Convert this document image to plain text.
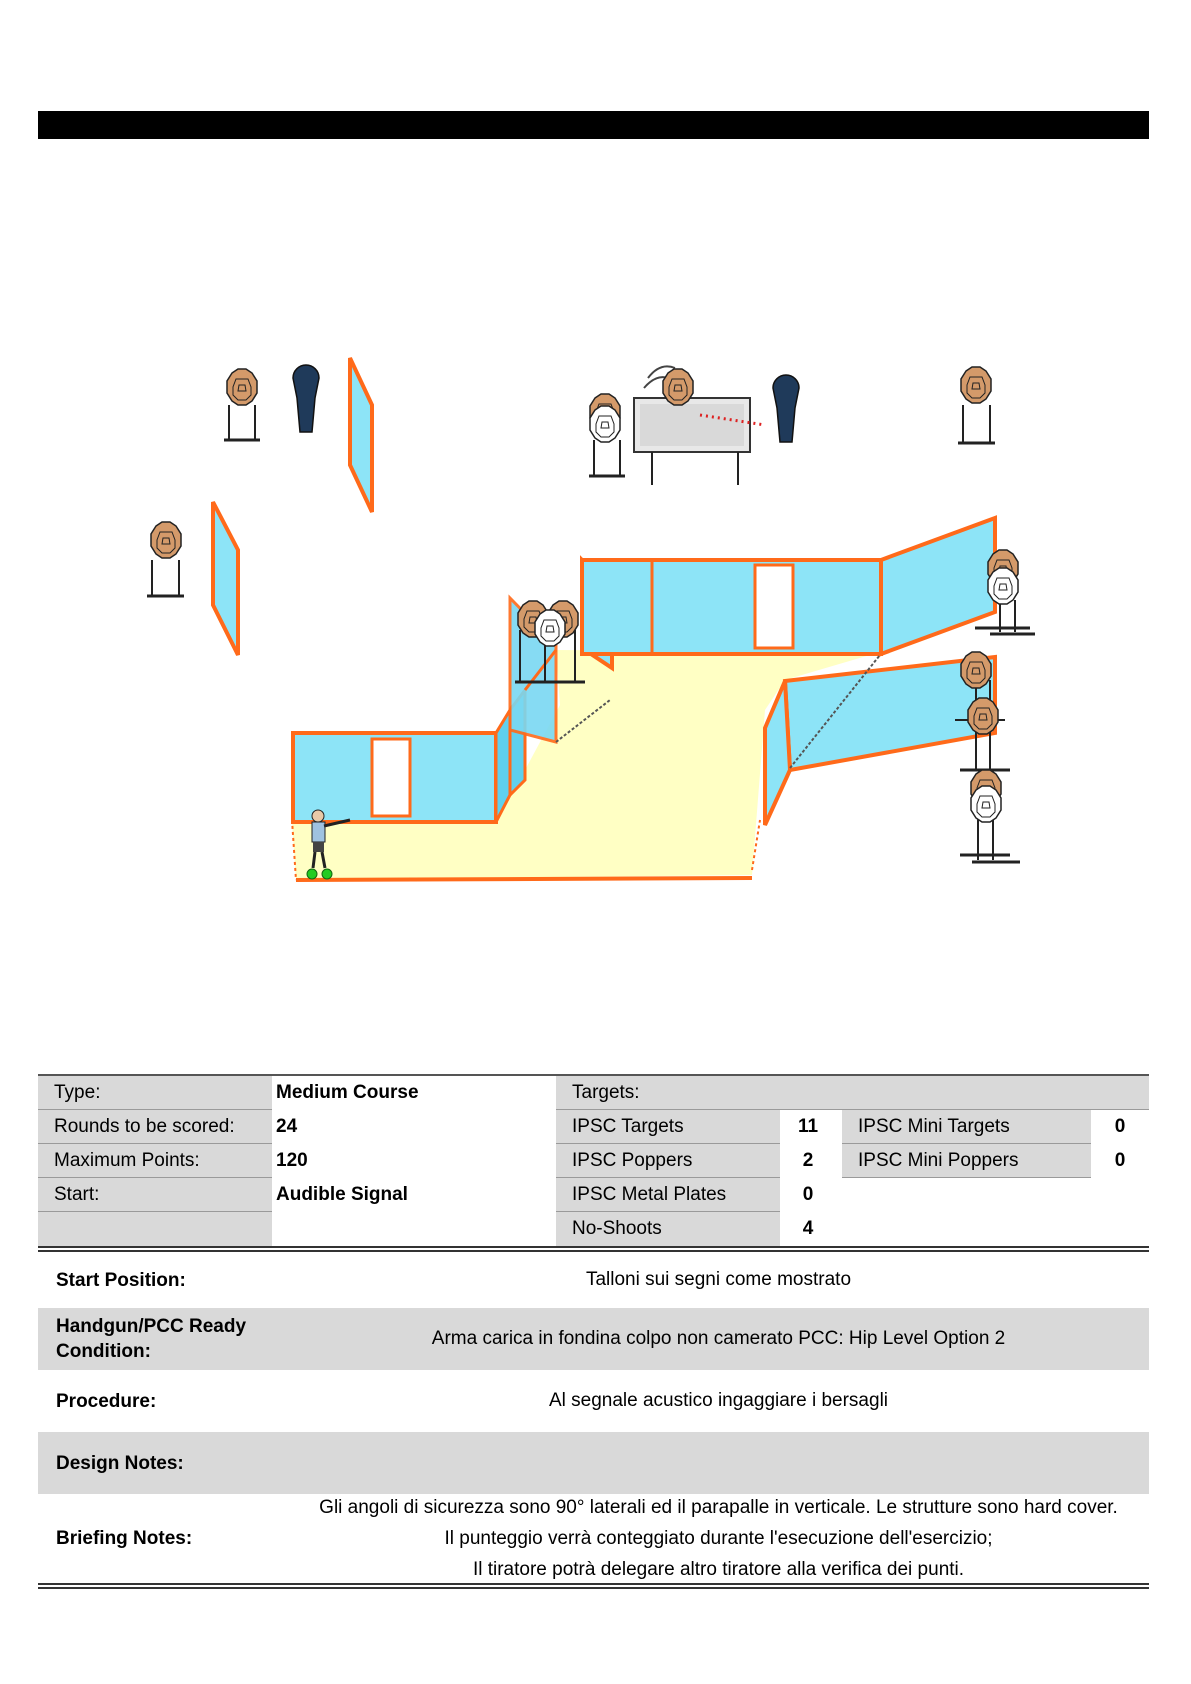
Type:	Medium Course
Rounds to be scored:	24
Maximum Points:	120
Start:	Audible Signal
Targets:
IPSC Targets	11	IPSC Mini Targets	0
IPSC Poppers	2	IPSC Mini Poppers	0
IPSC Metal Plates	0
No-Shoots	4
Start Position:	Talloni sui segni come mostrato
Handgun/PCC Ready Condition:
Arma carica in fondina colpo non camerato PCC: Hip Level Option 2
Procedure:	Al segnale acustico ingaggiare i bersagli
Design Notes:
Briefing Notes:
Gli angoli di sicurezza sono 90° laterali ed il parapalle in verticale. Le strutture sono hard cover.
Il punteggio verrà conteggiato durante l'esecuzione dell'esercizio;
Il tiratore potrà delegare altro tiratore alla verifica dei punti.
